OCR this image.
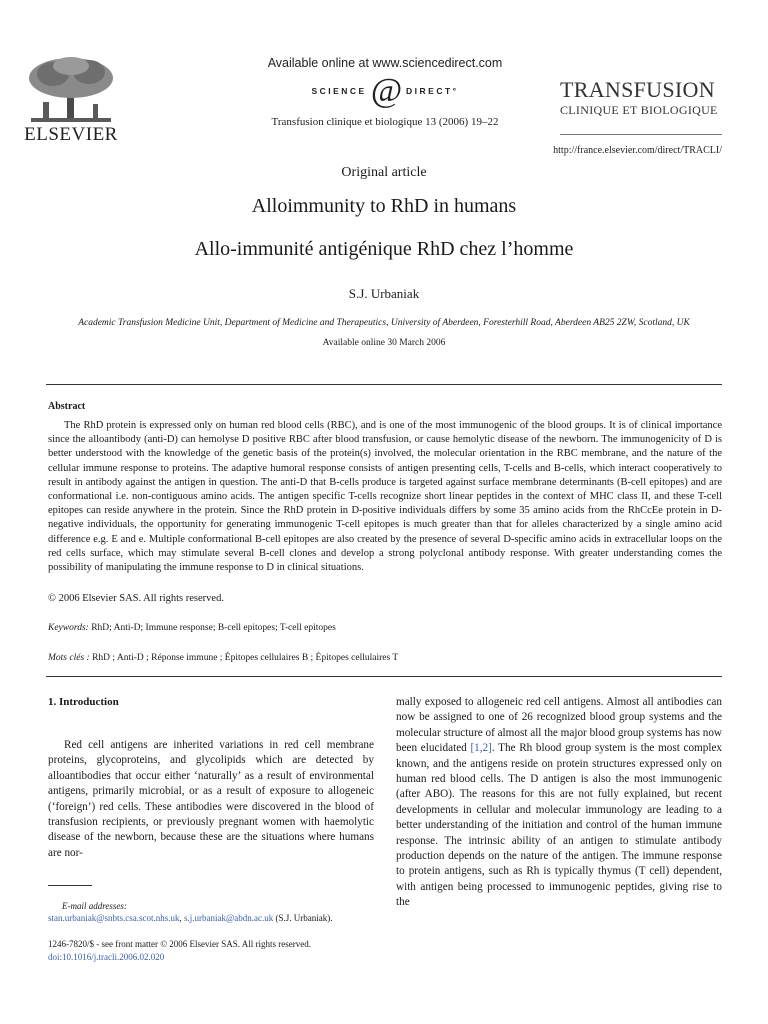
ELSEVIER
Available online at www.sciencedirect.com
SCIENCE @ DIRECT°
Transfusion clinique et biologique 13 (2006) 19–22
TRANSFUSION
CLINIQUE ET BIOLOGIQUE
http://france.elsevier.com/direct/TRACLI/
Original article
Alloimmunity to RhD in humans
Allo-immunité antigénique RhD chez l’homme
S.J. Urbaniak
Academic Transfusion Medicine Unit, Department of Medicine and Therapeutics, University of Aberdeen, Foresterhill Road, Aberdeen AB25 2ZW, Scotland, UK
Available online 30 March 2006
Abstract
The RhD protein is expressed only on human red blood cells (RBC), and is one of the most immunogenic of the blood groups. It is of clinical importance since the alloantibody (anti-D) can hemolyse D positive RBC after blood transfusion, or cause hemolytic disease of the newborn. The immunogenicity of D is better understood with the knowledge of the genetic basis of the protein(s) involved, the molecular orientation in the RBC membrane, and the nature of the cellular immune response to proteins. The adaptive humoral response consists of antigen presenting cells, T-cells and B-cells, which interact cooperatively to result in antibody against the antigen in question. The anti-D that B-cells produce is targeted against surface membrane determinants (B-cell epitopes) and are conformational i.e. non-contiguous amino acids. The antigen specific T-cells recognize short linear peptides in the context of MHC class II, and these T-cell epitopes can reside anywhere in the protein. Since the RhD protein in D-positive individuals differs by some 35 amino acids from the RhCcEe protein in D-negative individuals, the opportunity for generating immunogenic T-cell epitopes is much greater than that for alleles characterized by a single amino acid difference e.g. E and e. Multiple conformational B-cell epitopes are also created by the presence of several D-specific amino acids in extracellular loops on the red cells surface, which may stimulate several B-cell clones and develop a strong polyclonal antibody response. With greater understanding comes the possibility of manipulating the immune response to D in clinical situations.
© 2006 Elsevier SAS. All rights reserved.
Keywords: RhD; Anti-D; Immune response; B-cell epitopes; T-cell epitopes
Mots clés : RhD ; Anti-D ; Réponse immune ; Épitopes cellulaires B ; Épitopes cellulaires T
1. Introduction
Red cell antigens are inherited variations in red cell membrane proteins, glycoproteins, and glycolipids which are detected by alloantibodies that occur either ‘naturally’ as a result of environmental antigens, primarily microbial, or as a result of exposure to allogeneic (‘foreign’) red cells. These antibodies were discovered in the blood of transfusion recipients, or previously pregnant women with haemolytic disease of the newborn, because these are the situations where humans are nor-
mally exposed to allogeneic red cell antigens. Almost all antibodies can now be assigned to one of 26 recognized blood group systems and the molecular structure of almost all the major blood group systems has now been elucidated [1,2]. The Rh blood group system is the most complex known, and the antigens reside on protein structures expressed only on human red blood cells. The D antigen is also the most immunogenic (after ABO). The reasons for this are not fully explained, but recent developments in cellular and molecular immunology are leading to a better understanding of the initiation and control of the human immune response. The intrinsic ability of an antigen to stimulate antibody production depends on the nature of the antigen. The immune response to protein antigens, such as Rh is typically thymus (T cell) dependent, with antigen being processed to immunogenic peptides, giving rise to the
E-mail addresses:
stan.urbaniak@snbts.csa.scot.nhs.uk, s.j.urbaniak@abdn.ac.uk (S.J. Urbaniak).
1246-7820/$ - see front matter © 2006 Elsevier SAS. All rights reserved.
doi:10.1016/j.tracli.2006.02.020
